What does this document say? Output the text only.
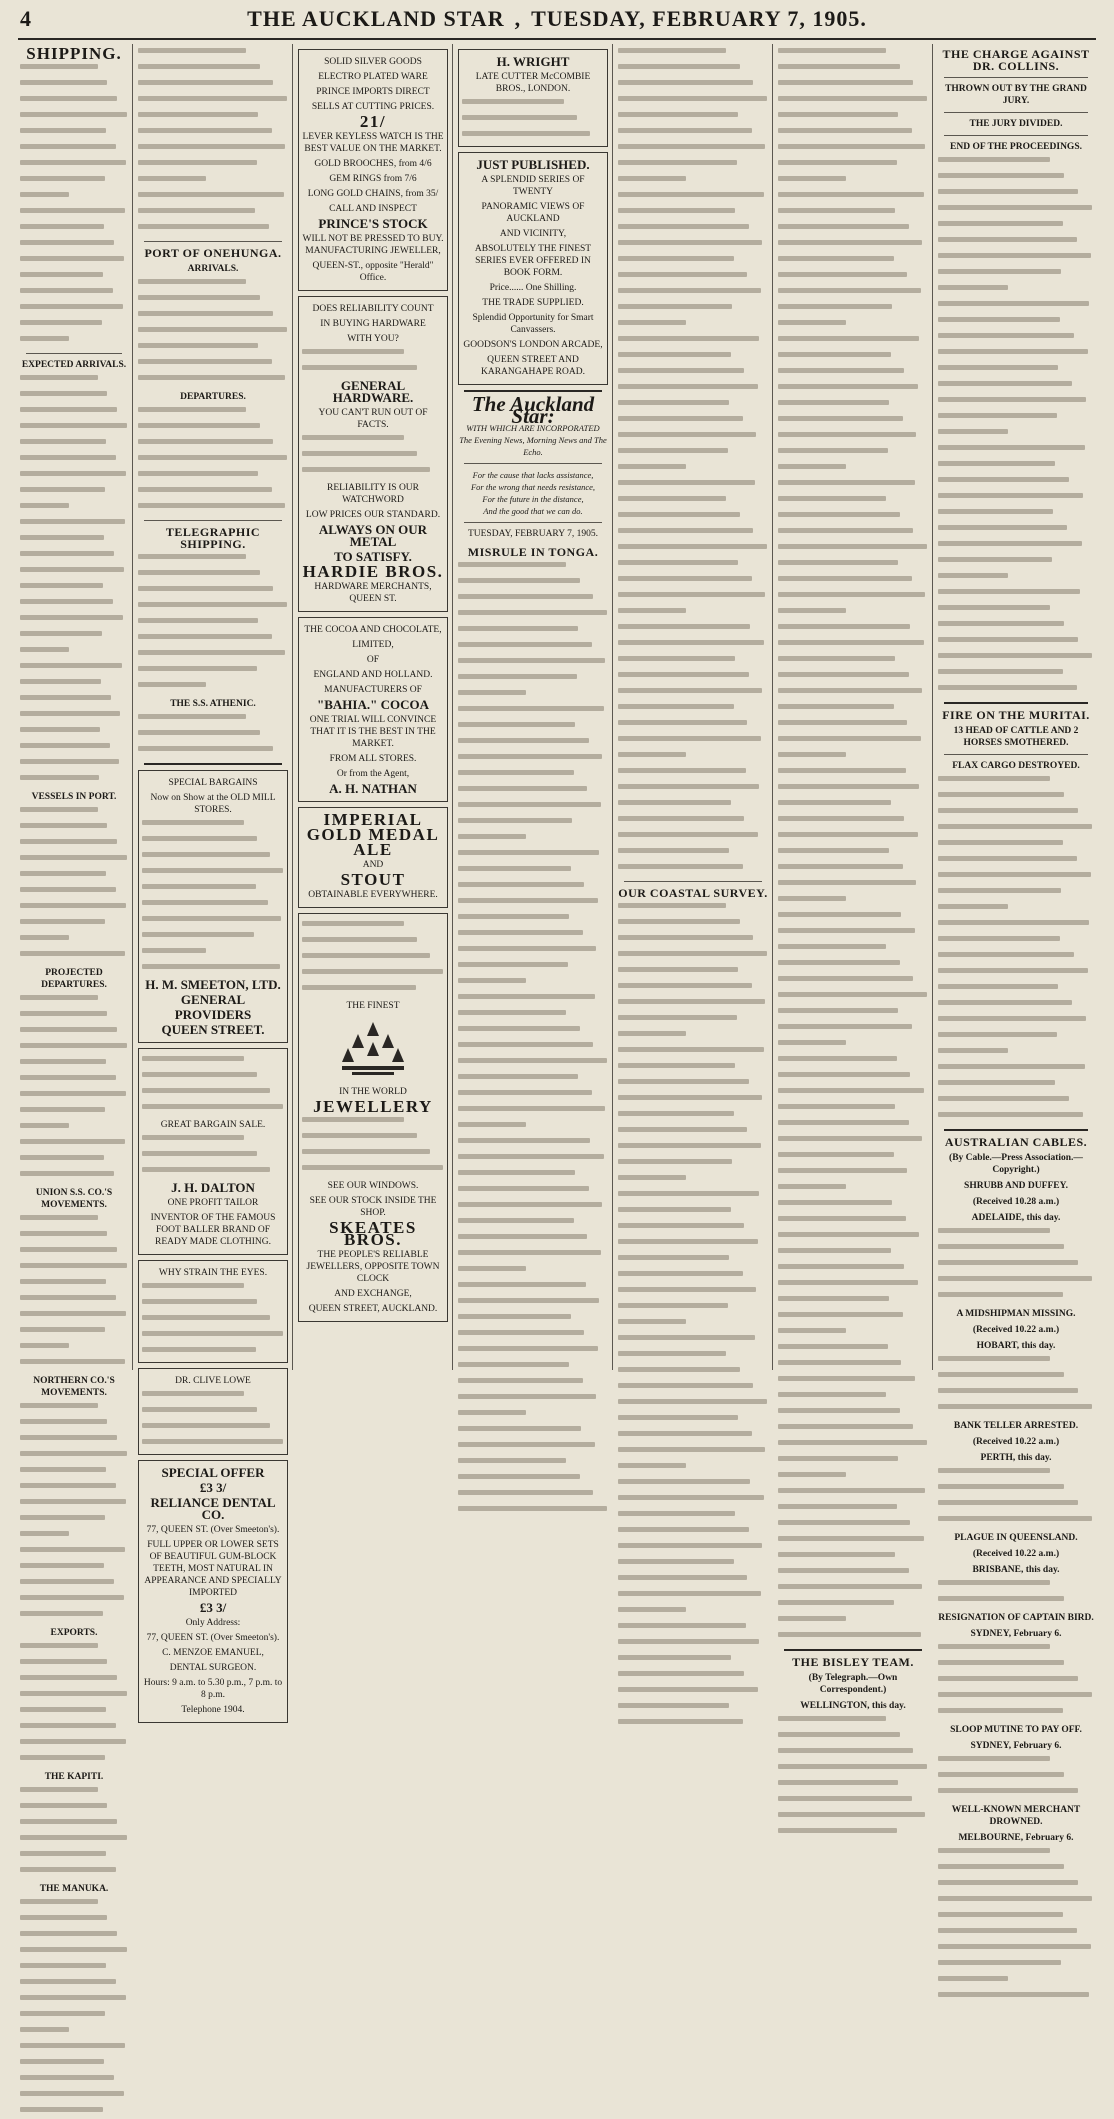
4	THE AUCKLAND STAR , TUESDAY, FEBRUARY 7, 1905.
SHIPPING.
EXPECTED ARRIVALS.
VESSELS IN PORT.
PROJECTED DEPARTURES.
UNION S.S. CO.'S MOVEMENTS.
NORTHERN CO.'S MOVEMENTS.
EXPORTS.
THE KAPITI.
THE MANUKA.
PORT OF ONEHUNGA.
ARRIVALS.
DEPARTURES.
TELEGRAPHIC SHIPPING.
THE S.S. ATHENIC.
SPECIAL BARGAINS
Now on Show at the OLD MILL STORES.
H. M. SMEETON, LTD.
GENERAL
PROVIDERS
QUEEN STREET.
GREAT BARGAIN SALE.
J. H. DALTON
ONE PROFIT TAILOR
INVENTOR OF THE FAMOUS FOOT BALLER BRAND OF READY MADE CLOTHING.
WHY STRAIN THE EYES.
DR. CLIVE LOWE
SPECIAL OFFER
£3 3/
RELIANCE DENTAL CO.
77, QUEEN ST. (Over Smeeton's).
FULL UPPER OR LOWER SETS OF BEAUTIFUL GUM-BLOCK TEETH, MOST NATURAL IN APPEARANCE AND SPECIALLY IMPORTED
£3 3/
Only Address:
77, QUEEN ST. (Over Smeeton's).
C. MENZOE EMANUEL,
DENTAL SURGEON.
Hours: 9 a.m. to 5.30 p.m., 7 p.m. to 8 p.m.
Telephone 1904.
SOLID SILVER GOODS
ELECTRO PLATED WARE
PRINCE IMPORTS DIRECT
SELLS AT CUTTING PRICES.
21/
LEVER KEYLESS WATCH IS THE BEST VALUE ON THE MARKET.
GOLD BROOCHES, from 4/6
GEM RINGS from 7/6
LONG GOLD CHAINS, from 35/
CALL AND INSPECT
PRINCE'S STOCK
WILL NOT BE PRESSED TO BUY. MANUFACTURING JEWELLER,
QUEEN-ST., opposite "Herald" Office.
DOES RELIABILITY COUNT
IN BUYING HARDWARE
WITH YOU?
GENERAL HARDWARE.
YOU CAN'T RUN OUT OF FACTS.
RELIABILITY IS OUR WATCHWORD
LOW PRICES OUR STANDARD.
ALWAYS ON OUR METAL
TO SATISFY.
HARDIE BROS.
HARDWARE MERCHANTS, QUEEN ST.
THE COCOA AND CHOCOLATE,
LIMITED,
OF
ENGLAND AND HOLLAND.
MANUFACTURERS OF
"BAHIA." COCOA
ONE TRIAL WILL CONVINCE THAT IT IS THE BEST IN THE MARKET.
FROM ALL STORES.
Or from the Agent,
A. H. NATHAN
IMPERIAL
GOLD MEDAL
ALE
AND
STOUT
OBTAINABLE EVERYWHERE.
THE FINEST
IN THE WORLD
JEWELLERY
SEE OUR WINDOWS.
SEE OUR STOCK INSIDE THE SHOP.
SKEATES BROS.
THE PEOPLE'S RELIABLE JEWELLERS, OPPOSITE TOWN CLOCK
AND EXCHANGE,
QUEEN STREET, AUCKLAND.
H. WRIGHT
LATE CUTTER McCOMBIE BROS., LONDON.
JUST PUBLISHED.
A SPLENDID SERIES OF TWENTY
PANORAMIC VIEWS OF AUCKLAND
AND VICINITY,
ABSOLUTELY THE FINEST SERIES EVER OFFERED IN BOOK FORM.
Price...... One Shilling.
THE TRADE SUPPLIED.
Splendid Opportunity for Smart Canvassers.
GOODSON'S LONDON ARCADE,
QUEEN STREET AND KARANGAHAPE ROAD.
The Auckland Star:
WITH WHICH ARE INCORPORATED
The Evening News, Morning News and The Echo.
For the cause that lacks assistance,
For the wrong that needs resistance,
For the future in the distance,
And the good that we can do.
TUESDAY, FEBRUARY 7, 1905.
MISRULE IN TONGA.
OUR COASTAL SURVEY.
THE BISLEY TEAM.
(By Telegraph.—Own Correspondent.)
WELLINGTON, this day.
THE CHARGE AGAINST DR. COLLINS.
THROWN OUT BY THE GRAND JURY.
THE JURY DIVIDED.
END OF THE PROCEEDINGS.
FIRE ON THE MURITAI.
13 HEAD OF CATTLE AND 2 HORSES SMOTHERED.
FLAX CARGO DESTROYED.
AUSTRALIAN CABLES.
(By Cable.—Press Association.—Copyright.)
SHRUBB AND DUFFEY.
(Received 10.28 a.m.)
ADELAIDE, this day.
A MIDSHIPMAN MISSING.
(Received 10.22 a.m.)
HOBART, this day.
BANK TELLER ARRESTED.
(Received 10.22 a.m.)
PERTH, this day.
PLAGUE IN QUEENSLAND.
(Received 10.22 a.m.)
BRISBANE, this day.
RESIGNATION OF CAPTAIN BIRD.
SYDNEY, February 6.
SLOOP MUTINE TO PAY OFF.
SYDNEY, February 6.
WELL-KNOWN MERCHANT DROWNED.
MELBOURNE, February 6.
